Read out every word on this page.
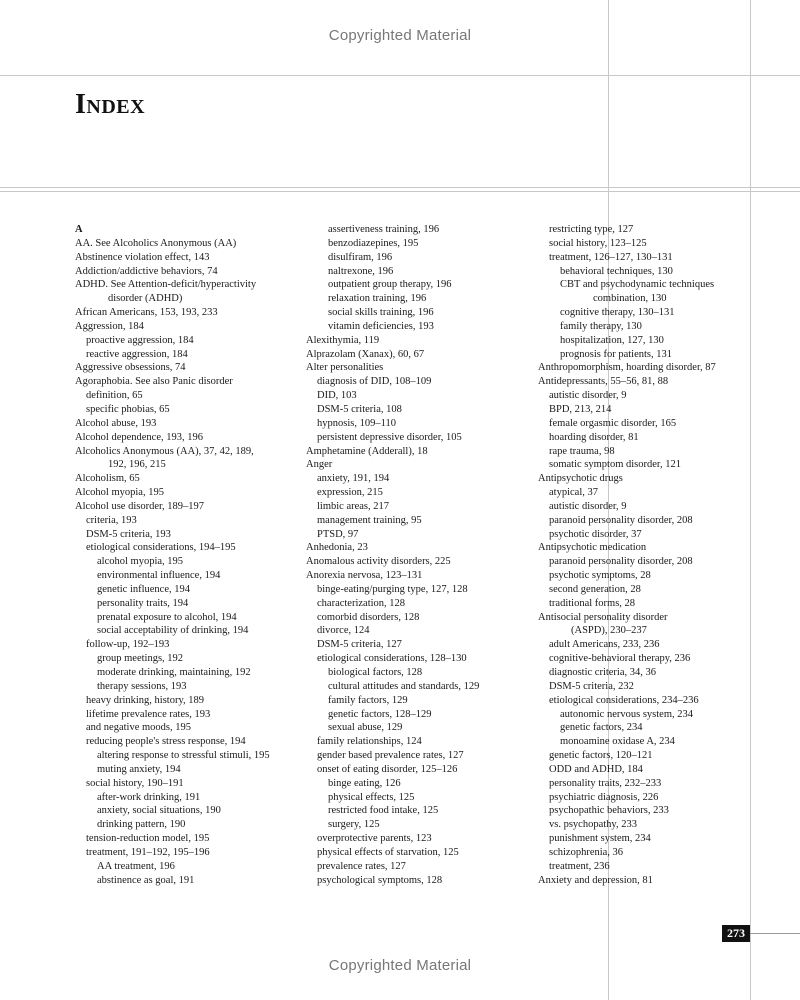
Copyrighted Material
Index
A
AA. See Alcoholics Anonymous (AA)
Abstinence violation effect, 143
Addiction/addictive behaviors, 74
ADHD. See Attention-deficit/hyperactivity
disorder (ADHD)
African Americans, 153, 193, 233
Aggression, 184
proactive aggression, 184
reactive aggression, 184
Aggressive obsessions, 74
Agoraphobia. See also Panic disorder
definition, 65
specific phobias, 65
Alcohol abuse, 193
Alcohol dependence, 193, 196
Alcoholics Anonymous (AA), 37, 42, 189,
192, 196, 215
Alcoholism, 65
Alcohol myopia, 195
Alcohol use disorder, 189–197
criteria, 193
DSM-5 criteria, 193
etiological considerations, 194–195
alcohol myopia, 195
environmental influence, 194
genetic influence, 194
personality traits, 194
prenatal exposure to alcohol, 194
social acceptability of drinking, 194
follow-up, 192–193
group meetings, 192
moderate drinking, maintaining, 192
therapy sessions, 193
heavy drinking, history, 189
lifetime prevalence rates, 193
and negative moods, 195
reducing people's stress response, 194
altering response to stressful stimuli, 195
muting anxiety, 194
social history, 190–191
after-work drinking, 191
anxiety, social situations, 190
drinking pattern, 190
tension-reduction model, 195
treatment, 191–192, 195–196
AA treatment, 196
abstinence as goal, 191
assertiveness training, 196
benzodiazepines, 195
disulfiram, 196
naltrexone, 196
outpatient group therapy, 196
relaxation training, 196
social skills training, 196
vitamin deficiencies, 193
Alexithymia, 119
Alprazolam (Xanax), 60, 67
Alter personalities
diagnosis of DID, 108–109
DID, 103
DSM-5 criteria, 108
hypnosis, 109–110
persistent depressive disorder, 105
Amphetamine (Adderall), 18
Anger
anxiety, 191, 194
expression, 215
limbic areas, 217
management training, 95
PTSD, 97
Anhedonia, 23
Anomalous activity disorders, 225
Anorexia nervosa, 123–131
binge-eating/purging type, 127, 128
characterization, 128
comorbid disorders, 128
divorce, 124
DSM-5 criteria, 127
etiological considerations, 128–130
biological factors, 128
cultural attitudes and standards, 129
family factors, 129
genetic factors, 128–129
sexual abuse, 129
family relationships, 124
gender based prevalence rates, 127
onset of eating disorder, 125–126
binge eating, 126
physical effects, 125
restricted food intake, 125
surgery, 125
overprotective parents, 123
physical effects of starvation, 125
prevalence rates, 127
psychological symptoms, 128
restricting type, 127
social history, 123–125
treatment, 126–127, 130–131
behavioral techniques, 130
CBT and psychodynamic techniques
combination, 130
cognitive therapy, 130–131
family therapy, 130
hospitalization, 127, 130
prognosis for patients, 131
Anthropomorphism, hoarding disorder, 87
Antidepressants, 55–56, 81, 88
autistic disorder, 9
BPD, 213, 214
female orgasmic disorder, 165
hoarding disorder, 81
rape trauma, 98
somatic symptom disorder, 121
Antipsychotic drugs
atypical, 37
autistic disorder, 9
paranoid personality disorder, 208
psychotic disorder, 37
Antipsychotic medication
paranoid personality disorder, 208
psychotic symptoms, 28
second generation, 28
traditional forms, 28
Antisocial personality disorder
(ASPD), 230–237
adult Americans, 233, 236
cognitive-behavioral therapy, 236
diagnostic criteria, 34, 36
DSM-5 criteria, 232
etiological considerations, 234–236
autonomic nervous system, 234
genetic factors, 234
monoamine oxidase A, 234
genetic factors, 120–121
ODD and ADHD, 184
personality traits, 232–233
psychiatric diagnosis, 226
psychopathic behaviors, 233
vs. psychopathy, 233
punishment system, 234
schizophrenia, 36
treatment, 236
Anxiety and depression, 81
273
Copyrighted Material
